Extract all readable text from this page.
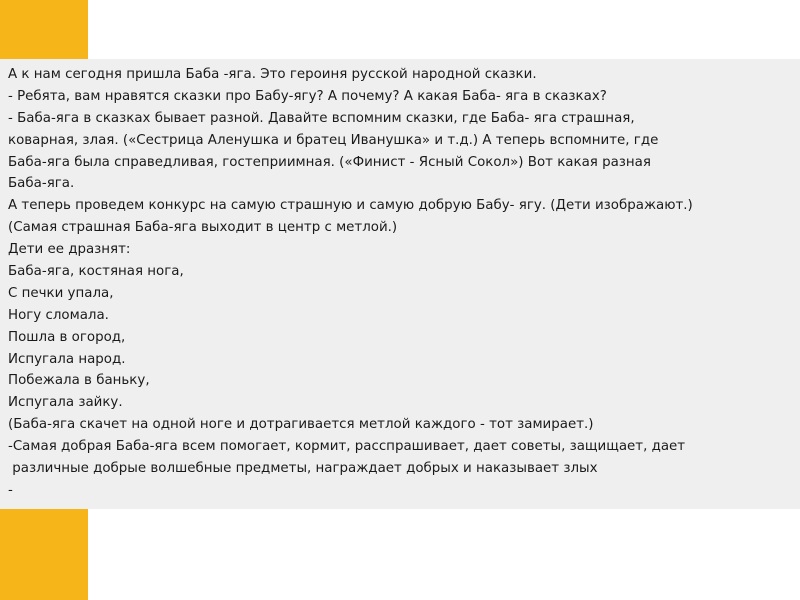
А к нам сегодня пришла Баба -яга. Это героиня русской народной сказки.
- Ребята, вам нравятся сказки про Бабу-ягу? А почему? А какая Баба- яга в сказках?
- Баба-яга в сказках бывает разной. Давайте вспомним сказки, где Баба- яга страшная,
коварная, злая. («Сестрица Аленушка и братец Иванушка» и т.д.) А теперь вспомните, где
Баба-яга была справедливая, гостеприимная. («Финист - Ясный Сокол») Вот какая разная
Баба-яга.
А теперь проведем конкурс на самую страшную и самую добрую Бабу- ягу. (Дети изображают.)
(Самая страшная Баба-яга выходит в центр с метлой.)
Дети ее дразнят:
Баба-яга, костяная нога,
С печки упала,
Ногу сломала.
Пошла в огород,
Испугала народ.
Побежала в баньку,
Испугала зайку.
(Баба-яга скачет на одной ноге и дотрагивается метлой каждого - тот замирает.)
-Самая добрая Баба-яга всем помогает, кормит, расспрашивает, дает советы, защищает, дает
различные добрые волшебные предметы, награждает добрых и наказывает злых
-
